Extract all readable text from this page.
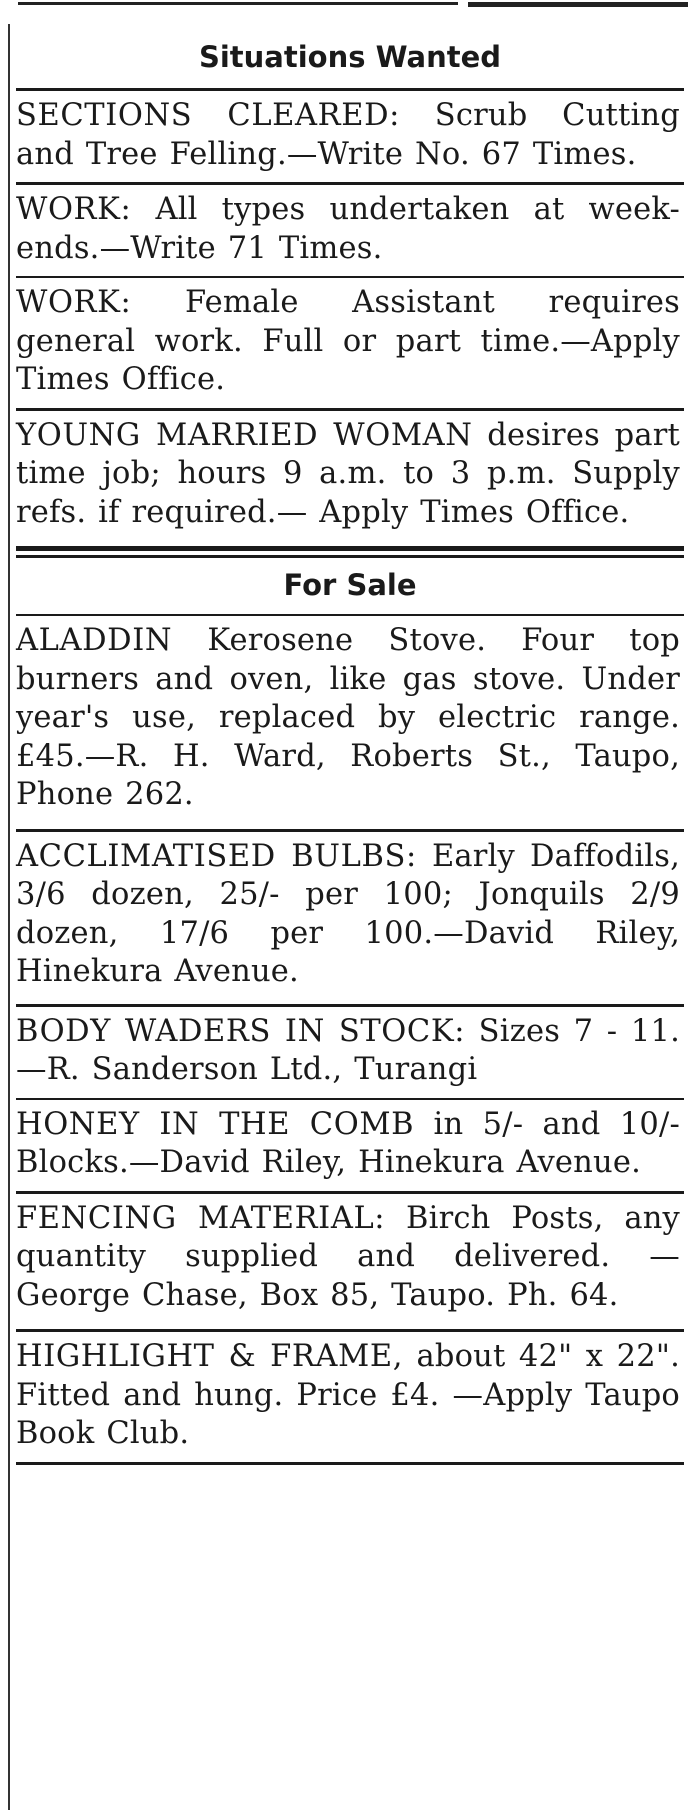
Situations Wanted

SECTIONS CLEARED: Scrub Cutting and Tree Felling.—Write No. 67 Times.

WORK: All types undertaken at week-ends.—Write 71 Times.

WORK: Female Assistant requires general work. Full or part time.—Apply Times Office.

YOUNG MARRIED WOMAN desires part time job; hours 9 a.m. to 3 p.m. Supply refs. if required.— Apply Times Office.

For Sale

ALADDIN Kerosene Stove. Four top burners and oven, like gas stove. Under year's use, replaced by electric range. £45.—R. H. Ward, Roberts St., Taupo, Phone 262.

ACCLIMATISED BULBS: Early Daffodils, 3/6 dozen, 25/- per 100; Jonquils 2/9 dozen, 17/6 per 100.—David Riley, Hinekura Avenue.

BODY WADERS IN STOCK: Sizes 7 - 11.—R. Sanderson Ltd., Turangi

HONEY IN THE COMB in 5/- and 10/- Blocks.—David Riley, Hinekura Avenue.

FENCING MATERIAL: Birch Posts, any quantity supplied and delivered. —George Chase, Box 85, Taupo. Ph. 64.

HIGHLIGHT & FRAME, about 42" x 22". Fitted and hung. Price £4. —Apply Taupo Book Club.
